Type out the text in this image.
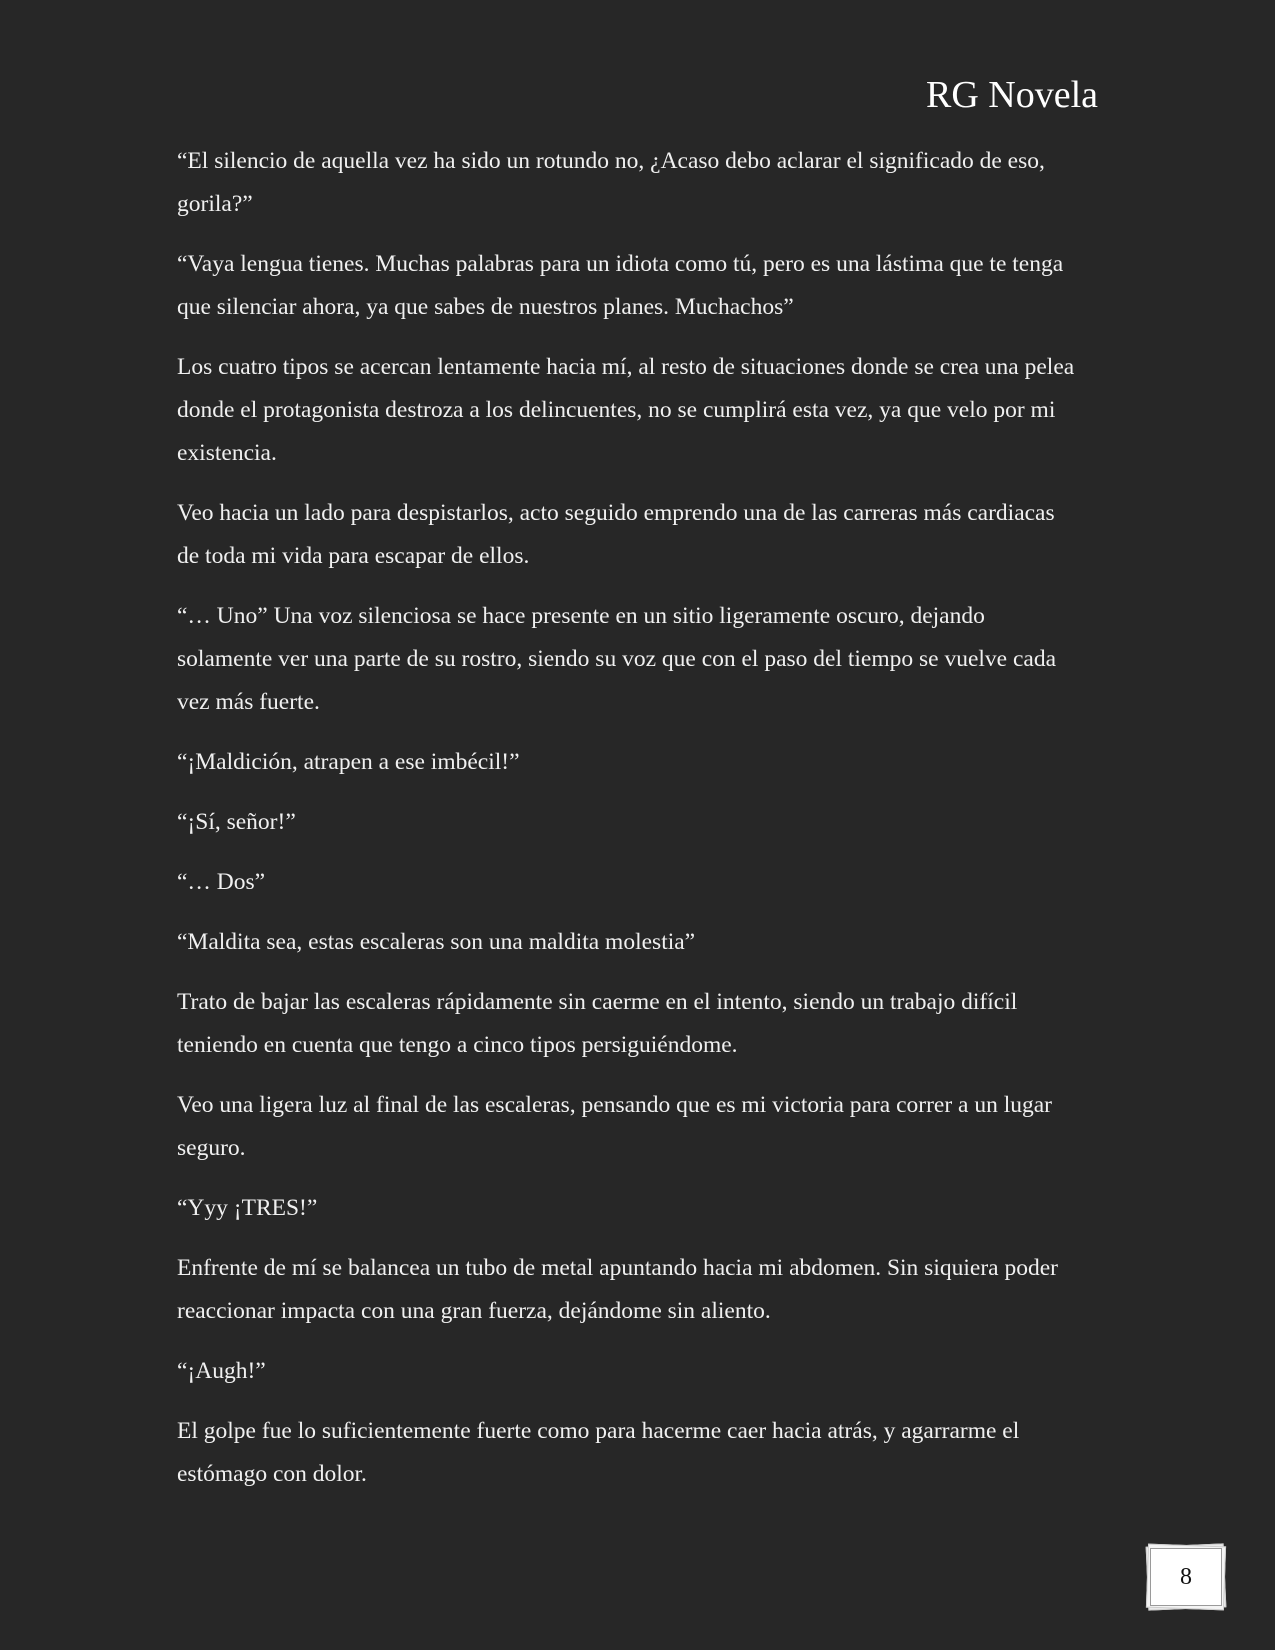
RG Novela

“El silencio de aquella vez ha sido un rotundo no, ¿Acaso debo aclarar el significado de eso, gorila?”

“Vaya lengua tienes. Muchas palabras para un idiota como tú, pero es una lástima que te tenga que silenciar ahora, ya que sabes de nuestros planes. Muchachos”

Los cuatro tipos se acercan lentamente hacia mí, al resto de situaciones donde se crea una pelea donde el protagonista destroza a los delincuentes, no se cumplirá esta vez, ya que velo por mi existencia.

Veo hacia un lado para despistarlos, acto seguido emprendo una de las carreras más cardiacas de toda mi vida para escapar de ellos.

“… Uno” Una voz silenciosa se hace presente en un sitio ligeramente oscuro, dejando solamente ver una parte de su rostro, siendo su voz que con el paso del tiempo se vuelve cada vez más fuerte.

“¡Maldición, atrapen a ese imbécil!”

“¡Sí, señor!”

“… Dos”

“Maldita sea, estas escaleras son una maldita molestia”

Trato de bajar las escaleras rápidamente sin caerme en el intento, siendo un trabajo difícil teniendo en cuenta que tengo a cinco tipos persiguiéndome.

Veo una ligera luz al final de las escaleras, pensando que es mi victoria para correr a un lugar seguro.

“Yyy ¡TRES!”

Enfrente de mí se balancea un tubo de metal apuntando hacia mi abdomen. Sin siquiera poder reaccionar impacta con una gran fuerza, dejándome sin aliento.

“¡Augh!”

El golpe fue lo suficientemente fuerte como para hacerme caer hacia atrás, y agarrarme el estómago con dolor.

8
